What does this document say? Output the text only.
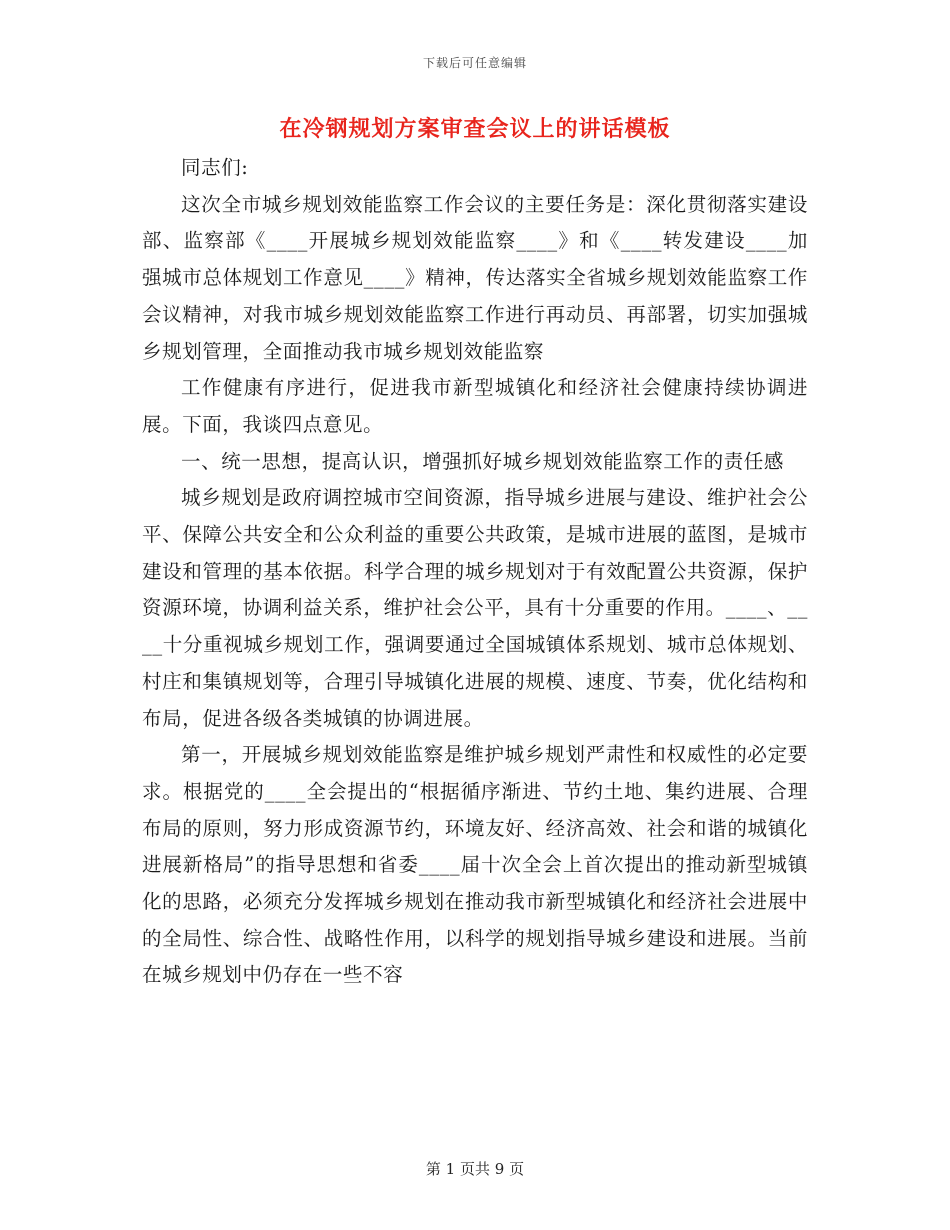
下载后可任意编辑
在冷钢规划方案审查会议上的讲话模板

同志们:

这次全市城乡规划效能监察工作会议的主要任务是：深化贯彻落实建设部、监察部《____开展城乡规划效能监察____》和《____转发建设____加强城市总体规划工作意见____》精神，传达落实全省城乡规划效能监察工作会议精神，对我市城乡规划效能监察工作进行再动员、再部署，切实加强城乡规划管理，全面推动我市城乡规划效能监察

工作健康有序进行，促进我市新型城镇化和经济社会健康持续协调进展。下面，我谈四点意见。

一、统一思想，提高认识，增强抓好城乡规划效能监察工作的责任感

城乡规划是政府调控城市空间资源，指导城乡进展与建设、维护社会公平、保障公共安全和公众利益的重要公共政策，是城市进展的蓝图，是城市建设和管理的基本依据。科学合理的城乡规划对于有效配置公共资源，保护资源环境，协调利益关系，维护社会公平，具有十分重要的作用。____、____十分重视城乡规划工作，强调要通过全国城镇体系规划、城市总体规划、村庄和集镇规划等，合理引导城镇化进展的规模、速度、节奏，优化结构和布局，促进各级各类城镇的协调进展。

第一，开展城乡规划效能监察是维护城乡规划严肃性和权威性的必定要求。根据党的____全会提出的“根据循序渐进、节约土地、集约进展、合理布局的原则，努力形成资源节约，环境友好、经济高效、社会和谐的城镇化进展新格局”的指导思想和省委____届十次全会上首次提出的推动新型城镇化的思路，必须充分发挥城乡规划在推动我市新型城镇化和经济社会进展中的全局性、综合性、战略性作用，以科学的规划指导城乡建设和进展。当前在城乡规划中仍存在一些不容

第 1 页共 9 页
